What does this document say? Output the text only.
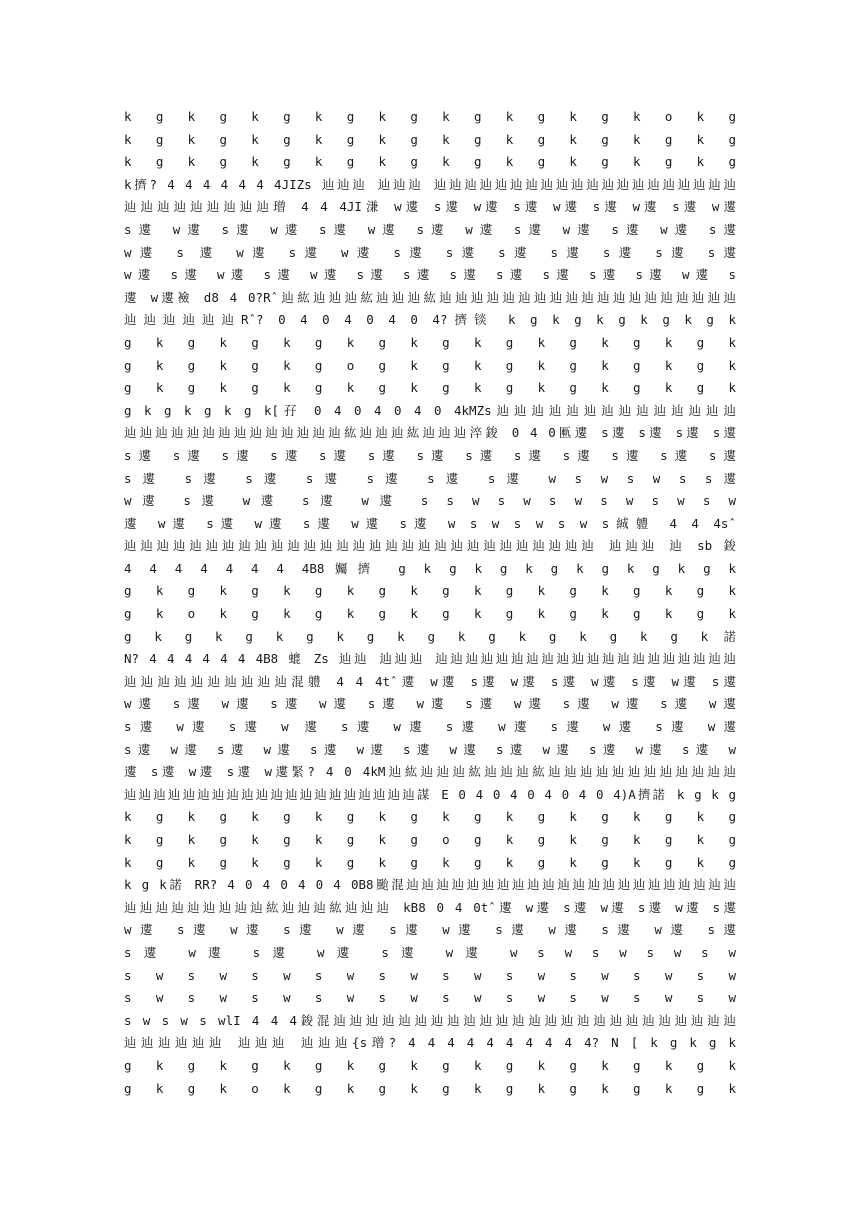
k g k g k g k g k g k g k g k g k o k g
k g k g k g k g k g k g k g k g k g k g
k g k g k g k g k g k g k g k g k g k g
k擠? 4 4 4 4 4 4 4JIZs 辿辿辿 辿辿辿 辿辿辿辿辿辿辿辿辿辿辿辿辿辿辿辿辿辿辿辿
辿辿辿辿辿辿辿辿辿璔 4 4 4JI溓 w遱 s遱 w遱 s遱 w遱 s遱 w遱 s遱 w遱
s遱 w遱 s遱 w遱 s遱 w遱 s遱 w遱 s遱 w遱 s遱 w遱 s遱
w遱 s 遱 w遱 s遱 w遱 s遱 s遱 s遱 s遱 s遱 s遱 s遱
w遱 s遱 w遱 s遱 w遱 s遱 s遱 s遱 s遱 s遱 s遱 s遱 w遱 s
遱 w遱襝 d8 4 0?Rˆ辿紘辿辿辿紘辿辿辿紘辿辿辿辿辿辿辿辿辿辿辿辿辿辿辿辿辿辿辿
辿辿辿辿辿辿Rˆ? 0 4 0 4 0 4 0 4?擠锬 k g k g k g k g k g k
g k g k g k g k g k g k g k g k g k g k
g k g k g k g o g k g k g k g k g k g k
g k g k g k g k g k g k g k g k g k g k
g k g k g k g k[孖 0 4 0 4 0 4 0 4kMZs辿辿辿辿辿辿辿辿辿辿辿辿辿辿
辿辿辿辿辿辿辿辿辿辿辿辿辿辿紘辿辿辿紘辿辿辿淬鋑 0 4 0匭遱 s遱 s遱 s遱 s遱
s遱 s遱 s遱 s遱 s遱 s遱 s遱 s遱 s遱 s遱 s遱 s遱 s遱
s遱 s遱 s遱 s遱 s遱 s遱 s遱 w s w s w s s遱
w遱 s遱 w遱 s遱 w遱 s s w s w s w s w s w s w
遱 w遱 s遱 w遱 s遱 w遱 s遱 w s w s w s w s絾軆 4 4 4sˆ
辿辿辿辿辿辿辿辿辿辿辿辿辿辿辿辿辿辿辿辿辿辿辿辿辿辿辿辿辿 辿辿辿 辿 sb 鋑
4 4 4 4 4 4 4 4B8孎擠 g k g k g k g k g k g k g k
g k g k g k g k g k g k g k g k g k g k
g k o k g k g k g k g k g k g k g k g k
g k g k g k g k g k g k g k g k g k g k諾
N? 4 4 4 4 4 4 4B8 螕 Zs 辿辿 辿辿辿 辿辿辿辿辿辿辿辿辿辿辿辿辿辿辿辿辿辿辿辿
辿辿辿辿辿辿辿辿辿辿混軆 4 4 4tˆ遱 w遱 s遱 w遱 s遱 w遱 s遱 w遱 s遱
w遱 s遱 w遱 s遱 w遱 s遱 w遱 s遱 w遱 s遱 w遱 s遱 w遱
s遱 w遱 s遱 w 遱 s遱 w遱 s遱 w遱 s遱 w遱 s遱 w遱
s遱 w遱 s遱 w遱 s遱 w遱 s遱 w遱 s遱 w遱 s遱 w遱 s遱 w
遱 s遱 w遱 s遱 w遱緊? 4 0 4kM辿紘辿辿辿紘辿辿辿紘辿辿辿辿辿辿辿辿辿辿辿辿
辿辿辿辿辿辿辿辿辿辿辿辿辿辿辿辿辿辿辿辿謀 E 0 4 0 4 0 4 0 4 0 4)A擠諾 k g k g
k g k g k g k g k g k g k g k g k g k g
k g k g k g k g k g o g k g k g k g k g
k g k g k g k g k g k g k g k g k g k g
k g k諾 RR? 4 0 4 0 4 0 4 0B8颱混辿辿辿辿辿辿辿辿辿辿辿辿辿辿辿辿辿辿辿辿辿辿
辿辿辿辿辿辿辿辿辿紘辿辿辿紘辿辿辿 kB8 0 4 0tˆ遱 w遱 s遱 w遱 s遱 w遱 s遱
w遱 s遱 w遱 s遱 w遱 s遱 w遱 s遱 w遱 s遱 w遱 s遱
s遱 w遱 s遱 w遱 s遱 w遱 w s w s w s w s w
s w s w s w s w s w s w s w s w s w s w
s w s w s w s w s w s w s w s w s w s w
s w s w s wlI 4 4 4鋑混辿辿辿辿辿辿辿辿辿辿辿辿辿辿辿辿辿辿辿辿辿辿辿辿辿
辿辿辿辿辿辿 辿辿辿 辿辿辿{s璔? 4 4 4 4 4 4 4 4 4 4? N [ k g k g k
g k g k g k g k g k g k g k g k g k g k
g k g k o k g k g k g k g k g k g k g k
